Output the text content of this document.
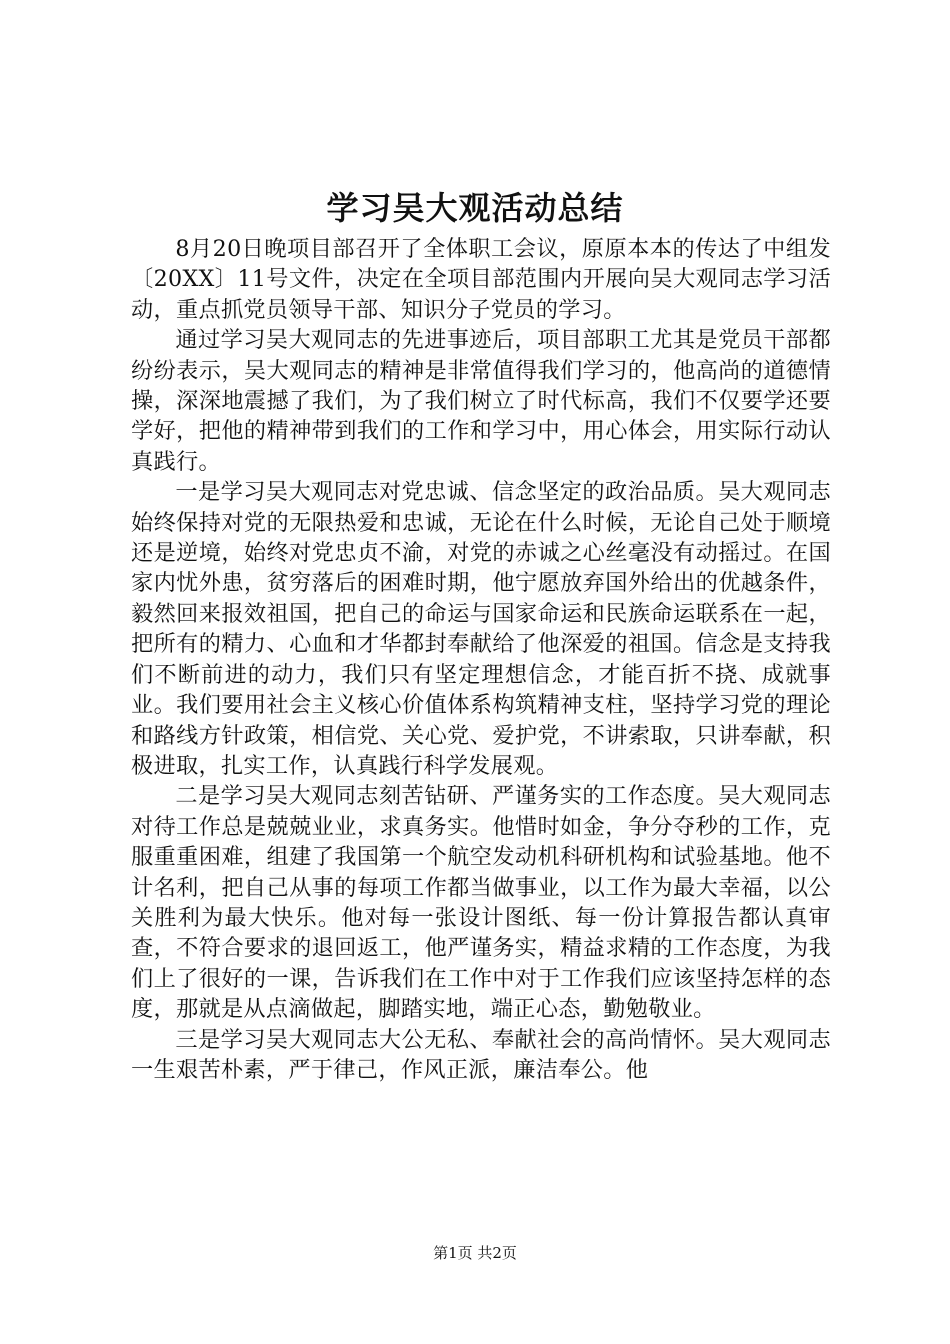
学习吴大观活动总结

8月20日晚项目部召开了全体职工会议，原原本本的传达了中组发〔20XX〕11号文件，决定在全项目部范围内开展向吴大观同志学习活动，重点抓党员领导干部、知识分子党员的学习。

通过学习吴大观同志的先进事迹后，项目部职工尤其是党员干部都纷纷表示，吴大观同志的精神是非常值得我们学习的，他高尚的道德情操，深深地震撼了我们，为了我们树立了时代标高，我们不仅要学还要学好，把他的精神带到我们的工作和学习中，用心体会，用实际行动认真践行。

一是学习吴大观同志对党忠诚、信念坚定的政治品质。吴大观同志始终保持对党的无限热爱和忠诚，无论在什么时候，无论自己处于顺境还是逆境，始终对党忠贞不渝，对党的赤诚之心丝毫没有动摇过。在国家内忧外患，贫穷落后的困难时期，他宁愿放弃国外给出的优越条件，毅然回来报效祖国，把自己的命运与国家命运和民族命运联系在一起，把所有的精力、心血和才华都封奉献给了他深爱的祖国。信念是支持我们不断前进的动力，我们只有坚定理想信念，才能百折不挠、成就事业。我们要用社会主义核心价值体系构筑精神支柱，坚持学习党的理论和路线方针政策，相信党、关心党、爱护党，不讲索取，只讲奉献，积极进取，扎实工作，认真践行科学发展观。

二是学习吴大观同志刻苦钻研、严谨务实的工作态度。吴大观同志对待工作总是兢兢业业，求真务实。他惜时如金，争分夺秒的工作，克服重重困难，组建了我国第一个航空发动机科研机构和试验基地。他不计名利，把自己从事的每项工作都当做事业，以工作为最大幸福，以公关胜利为最大快乐。他对每一张设计图纸、每一份计算报告都认真审查，不符合要求的退回返工，他严谨务实，精益求精的工作态度，为我们上了很好的一课，告诉我们在工作中对于工作我们应该坚持怎样的态度，那就是从点滴做起，脚踏实地，端正心态，勤勉敬业。

三是学习吴大观同志大公无私、奉献社会的高尚情怀。吴大观同志一生艰苦朴素，严于律己，作风正派，廉洁奉公。他

第1页 共2页
